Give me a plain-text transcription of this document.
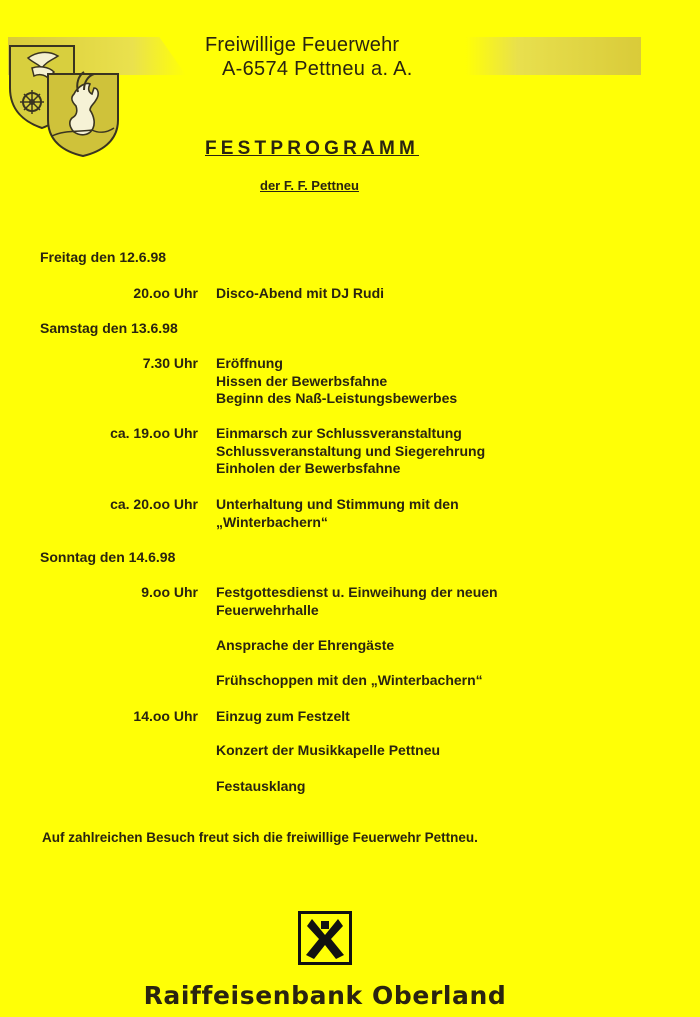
Freiwillige Feuerwehr
A-6574 Pettneu a. A.
FESTPROGRAMM
der F. F. Pettneu
Freitag den 12.6.98
20.oo Uhr Disco-Abend mit DJ Rudi
Samstag den 13.6.98
7.30 Uhr Eröffnung
Hissen der Bewerbsfahne
Beginn des Naß-Leistungsbewerbes
ca. 19.oo Uhr Einmarsch zur Schlussveranstaltung
Schlussveranstaltung und Siegerehrung
Einholen der Bewerbsfahne
ca. 20.oo Uhr Unterhaltung und Stimmung mit den
„Winterbachern“
Sonntag den 14.6.98
9.oo Uhr Festgottesdienst u. Einweihung der neuen
Feuerwehrhalle
Ansprache der Ehrengäste
Frühschoppen mit den „Winterbachern“
14.oo Uhr Einzug zum Festzelt
Konzert der Musikkapelle Pettneu
Festausklang
Auf zahlreichen Besuch freut sich die freiwillige Feuerwehr Pettneu.
Raiffeisenbank Oberland
